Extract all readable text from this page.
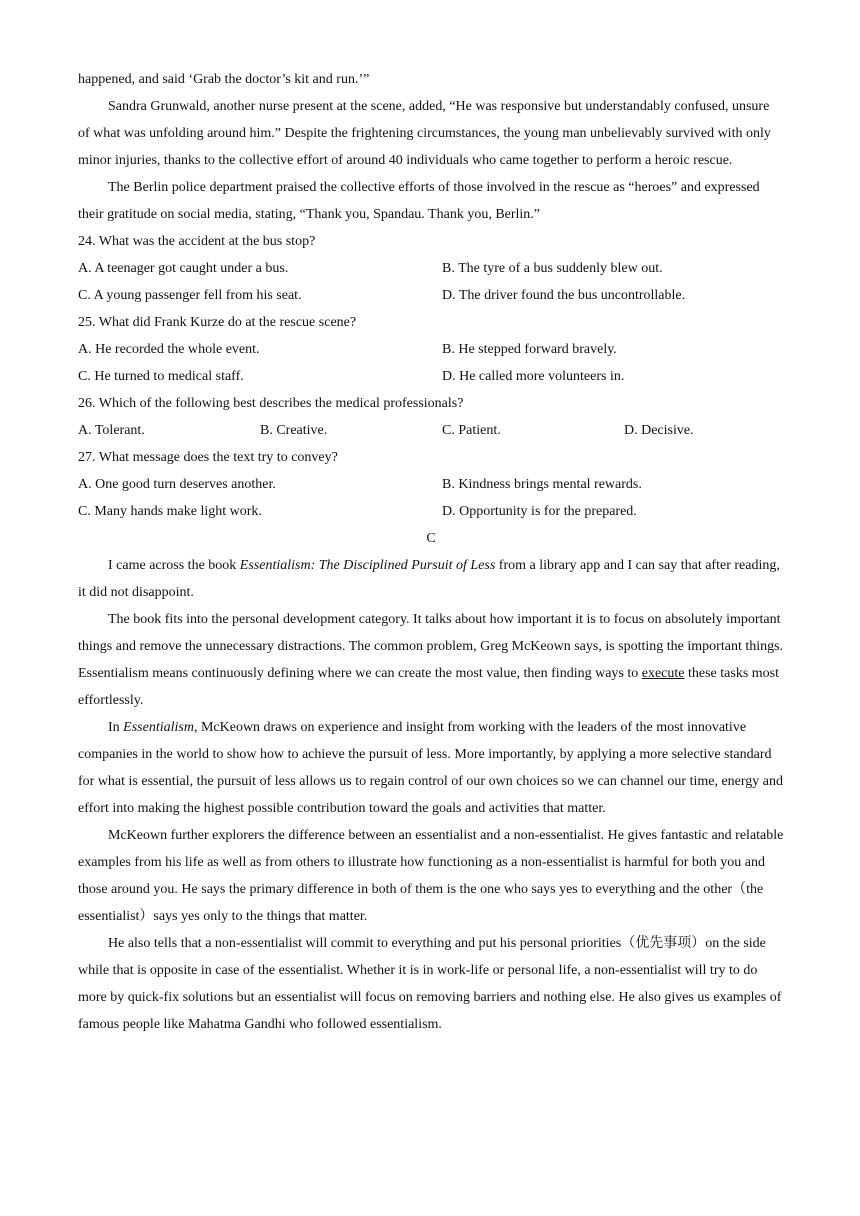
happened, and said ‘Grab the doctor’s kit and run.’”

Sandra Grunwald, another nurse present at the scene, added, “He was responsive but understandably confused, unsure of what was unfolding around him.” Despite the frightening circumstances, the young man unbelievably survived with only minor injuries, thanks to the collective effort of around 40 individuals who came together to perform a heroic rescue.

The Berlin police department praised the collective efforts of those involved in the rescue as “heroes” and expressed their gratitude on social media, stating, “Thank you, Spandau. Thank you, Berlin.”

24. What was the accident at the bus stop?

A. A teenager got caught under a bus.	B. The tyre of a bus suddenly blew out.
C. A young passenger fell from his seat.	D. The driver found the bus uncontrollable.

25. What did Frank Kurze do at the rescue scene?

A. He recorded the whole event.	B. He stepped forward bravely.
C. He turned to medical staff.	D. He called more volunteers in.

26. Which of the following best describes the medical professionals?

A. Tolerant.	B. Creative.	C. Patient.	D. Decisive.

27. What message does the text try to convey?

A. One good turn deserves another.	B. Kindness brings mental rewards.
C. Many hands make light work.	D. Opportunity is for the prepared.

C

I came across the book Essentialism: The Disciplined Pursuit of Less from a library app and I can say that after reading, it did not disappoint.

The book fits into the personal development category. It talks about how important it is to focus on absolutely important things and remove the unnecessary distractions. The common problem, Greg McKeown says, is spotting the important things. Essentialism means continuously defining where we can create the most value, then finding ways to execute these tasks most effortlessly.

In Essentialism, McKeown draws on experience and insight from working with the leaders of the most innovative companies in the world to show how to achieve the pursuit of less. More importantly, by applying a more selective standard for what is essential, the pursuit of less allows us to regain control of our own choices so we can channel our time, energy and effort into making the highest possible contribution toward the goals and activities that matter.

McKeown further explorers the difference between an essentialist and a non-essentialist. He gives fantastic and relatable examples from his life as well as from others to illustrate how functioning as a non-essentialist is harmful for both you and those around you. He says the primary difference in both of them is the one who says yes to everything and the other（the essentialist）says yes only to the things that matter.

He also tells that a non-essentialist will commit to everything and put his personal priorities（优先事项）on the side while that is opposite in case of the essentialist. Whether it is in work-life or personal life, a non-essentialist will try to do more by quick-fix solutions but an essentialist will focus on removing barriers and nothing else. He also gives us examples of famous people like Mahatma Gandhi who followed essentialism.
